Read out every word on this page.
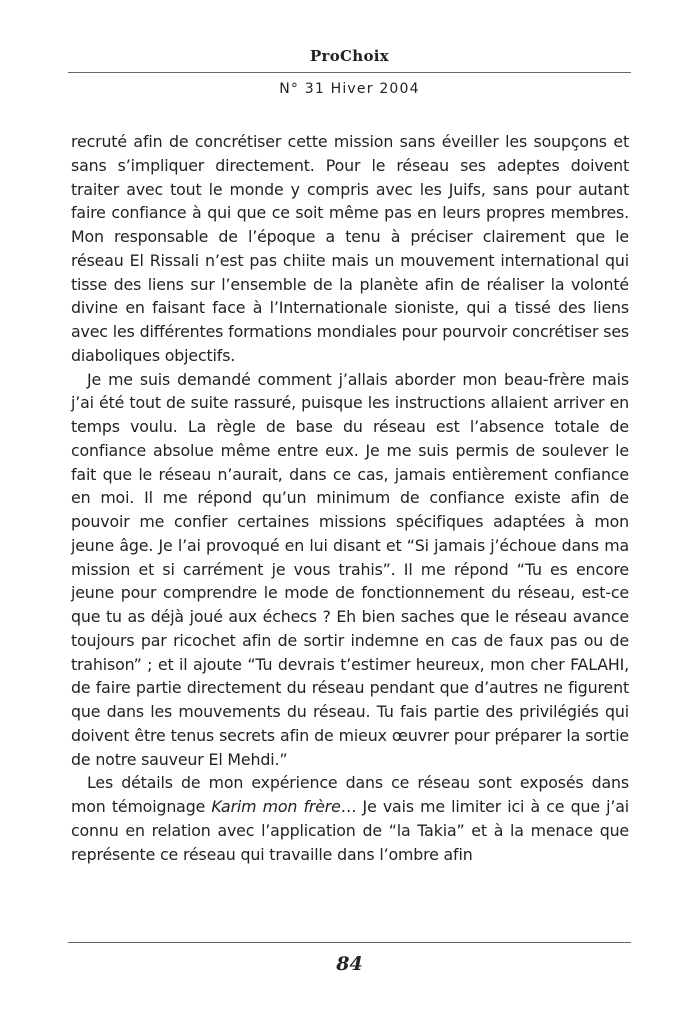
ProChoix
N° 31 Hiver 2004

recruté afin de concrétiser cette mission sans éveiller les soupçons et sans s’impliquer directement. Pour le réseau ses adeptes doivent traiter avec tout le monde y compris avec les Juifs, sans pour autant faire confiance à qui que ce soit même pas en leurs propres membres. Mon responsable de l’époque a tenu à préciser clairement que le réseau El Rissali n’est pas chiite mais un mouvement international qui tisse des liens sur l’ensemble de la planète afin de réaliser la volonté divine en faisant face à l’Internationale sioniste, qui a tissé des liens avec les différentes formations mondiales pour pourvoir concrétiser ses diaboliques objectifs.

Je me suis demandé comment j’allais aborder mon beau-frère mais j’ai été tout de suite rassuré, puisque les instructions allaient arriver en temps voulu. La règle de base du réseau est l’absence totale de confiance absolue même entre eux. Je me suis permis de soulever le fait que le réseau n’aurait, dans ce cas, jamais entièrement confiance en moi. Il me répond qu’un minimum de confiance existe afin de pouvoir me confier certaines missions spécifiques adaptées à mon jeune âge. Je l’ai provoqué en lui disant et “Si jamais j’échoue dans ma mission et si carrément je vous trahis”. Il me répond “Tu es encore jeune pour comprendre le mode de fonctionnement du réseau, est-ce que tu as déjà joué aux échecs ? Eh bien saches que le réseau avance toujours par ricochet afin de sortir indemne en cas de faux pas ou de trahison” ; et il ajoute “Tu devrais t’estimer heureux, mon cher FALAHI, de faire partie directement du réseau pendant que d’autres ne figurent que dans les mouvements du réseau. Tu fais partie des privilégiés qui doivent être tenus secrets afin de mieux œuvrer pour préparer la sortie de notre sauveur El Mehdi.”

Les détails de mon expérience dans ce réseau sont exposés dans mon témoignage Karim mon frère… Je vais me limiter ici à ce que j’ai connu en relation avec l’application de “la Takia” et à la menace que représente ce réseau qui travaille dans l’ombre afin

84
